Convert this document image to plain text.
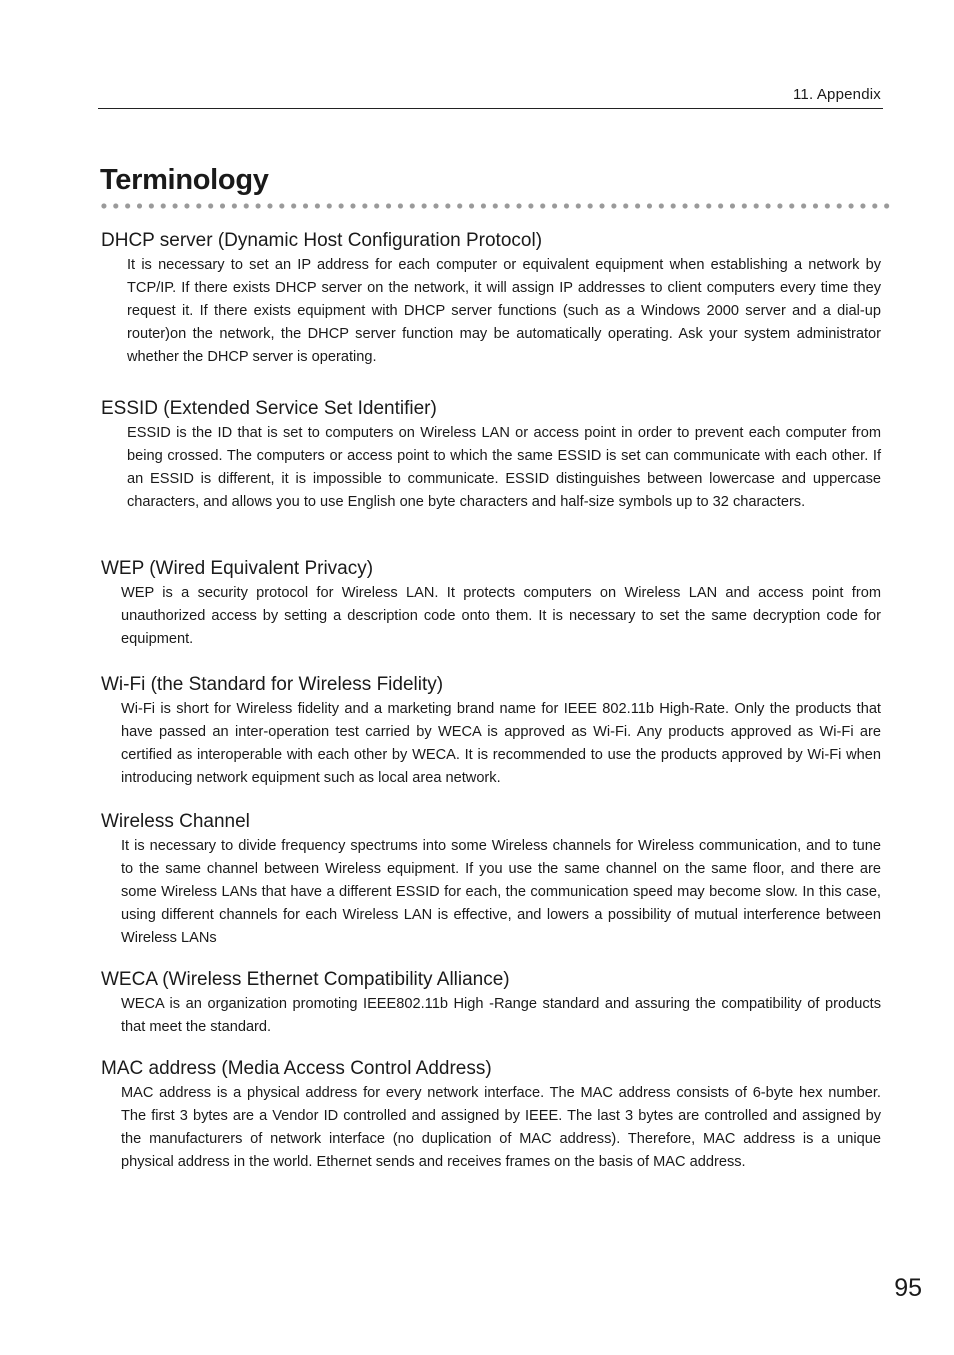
11. Appendix
Terminology
DHCP server (Dynamic Host Configuration Protocol)

It is necessary to set an IP address for each computer or equivalent equipment when establishing a network by TCP/IP. If there exists DHCP server on the network, it will assign IP addresses to client computers every time they request it. If there exists equipment with DHCP server functions (such as a Windows 2000 server and a dial-up router)on the network, the DHCP server function may be automatically operating. Ask your system administrator whether the DHCP server is operating.

ESSID (Extended Service Set Identifier)

ESSID is the ID that is set to computers on Wireless LAN or access point in order to prevent each computer from being crossed. The computers or access point to which the same ESSID is set can communicate with each other. If an ESSID is different, it is impossible to communicate. ESSID distinguishes between lowercase and uppercase characters, and allows you to use English one byte characters and half-size symbols up to 32 characters.

WEP (Wired Equivalent Privacy)

WEP is a security protocol for Wireless LAN. It protects computers on Wireless LAN and access point from unauthorized access by setting a description code onto them. It is necessary to set the same decryption code for equipment.

Wi-Fi (the Standard for Wireless Fidelity)

Wi-Fi is short for Wireless fidelity and a marketing brand name for IEEE 802.11b High-Rate. Only the products that have passed an inter-operation test carried by WECA is approved as Wi-Fi. Any products approved as Wi-Fi are certified as interoperable with each other by WECA. It is recommended to use the products approved by Wi-Fi when introducing network equipment such as local area network.

Wireless Channel

It is necessary to divide frequency spectrums into some Wireless channels for Wireless communication, and to tune to the same channel between Wireless equipment. If you use the same channel on the same floor, and there are some Wireless LANs that have a different ESSID for each, the communication speed may become slow. In this case, using different channels for each Wireless LAN is effective, and lowers a possibility of mutual interference between Wireless LANs

WECA (Wireless Ethernet Compatibility Alliance)

WECA is an organization promoting IEEE802.11b High -Range standard and assuring the compatibility of products that meet the standard.

MAC address (Media Access Control Address)

MAC address is a physical address for every network interface. The MAC address consists of 6-byte hex number. The first 3 bytes are a Vendor ID controlled and assigned by IEEE. The last 3 bytes are controlled and assigned by the manufacturers of network interface (no duplication of MAC address). Therefore, MAC address is a unique physical address in the world. Ethernet sends and receives frames on the basis of MAC address.

95
